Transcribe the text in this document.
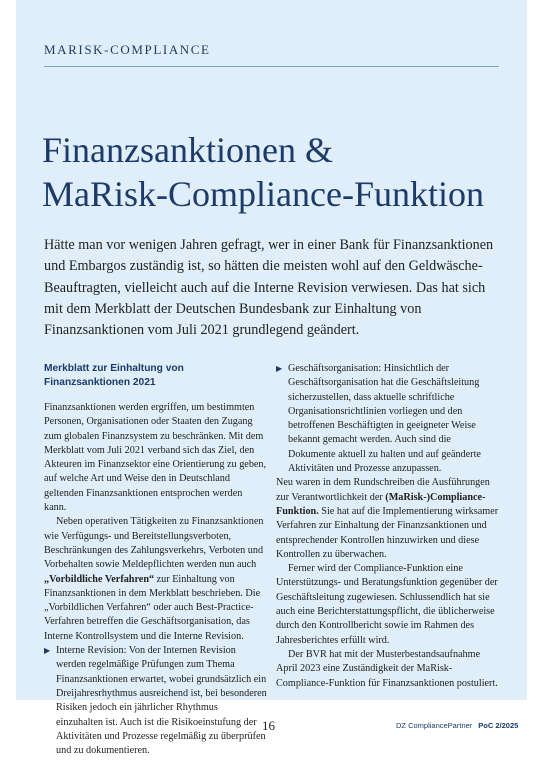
MARISK-COMPLIANCE
Finanzsanktionen &
MaRisk-Compliance-Funktion

Hätte man vor wenigen Jahren gefragt, wer in einer Bank für Finanzsanktionen und Embargos zuständig ist, so hätten die meisten wohl auf den Geldwäsche-Beauftragten, vielleicht auch auf die Interne Revision verwiesen. Das hat sich mit dem Merkblatt der Deutschen Bundesbank zur Einhaltung von Finanzsanktionen vom Juli 2021 grundlegend geändert.

Merkblatt zur Einhaltung von Finanzsanktionen 2021

Finanzsanktionen werden ergriffen, um bestimmten Personen, Organisationen oder Staaten den Zugang zum globalen Finanzsystem zu beschränken. Mit dem Merkblatt vom Juli 2021 verband sich das Ziel, den Akteuren im Finanzsektor eine Orientierung zu geben, auf welche Art und Weise den in Deutschland geltenden Finanzsanktionen entsprochen werden kann.

Neben operativen Tätigkeiten zu Finanzsanktionen wie Verfügungs- und Bereitstellungsverboten, Beschränkungen des Zahlungsverkehrs, Verboten und Vorbehalten sowie Meldepflichten werden nun auch „Vorbildliche Verfahren“ zur Einhaltung von Finanzsanktionen in dem Merkblatt beschrieben. Die „Vorbildlichen Verfahren“ oder auch Best-Practice-Verfahren betreffen die Geschäftsorganisation, das Interne Kontrollsystem und die Interne Revision.

▶ Interne Revision: Von der Internen Revision werden regelmäßige Prüfungen zum Thema Finanzsanktionen erwartet, wobei grundsätzlich ein Dreijahresrhythmus ausreichend ist, bei besonderen Risiken jedoch ein jährlicher Rhythmus einzuhalten ist. Auch ist die Risikoeinstufung der Aktivitäten und Prozesse regelmäßig zu überprüfen und zu dokumentieren.
▶ Geschäftsorganisation: Hinsichtlich der Geschäftsorganisation hat die Geschäftsleitung sicherzustellen, dass aktuelle schriftliche Organisationsrichtlinien vorliegen und den betroffenen Beschäftigten in geeigneter Weise bekannt gemacht werden. Auch sind die Dokumente aktuell zu halten und auf geänderte Aktivitäten und Prozesse anzupassen.

Neu waren in dem Rundschreiben die Ausführungen zur Verantwortlichkeit der (MaRisk-)Compliance-Funktion. Sie hat auf die Implementierung wirksamer Verfahren zur Einhaltung der Finanzsanktionen und entsprechender Kontrollen hinzuwirken und diese Kontrollen zu überwachen.

Ferner wird der Compliance-Funktion eine Unterstützungs- und Beratungsfunktion gegenüber der Geschäftsleitung zugewiesen. Schlussendlich hat sie auch eine Berichterstattungspflicht, die üblicherweise durch den Kontrollbericht sowie im Rahmen des Jahresberichtes erfüllt wird.

Der BVR hat mit der Musterbestandsaufnahme April 2023 eine Zuständigkeit der MaRisk-Compliance-Funktion für Finanzsanktionen postuliert.

16	DZ CompliancePartner PoC 2/2025
